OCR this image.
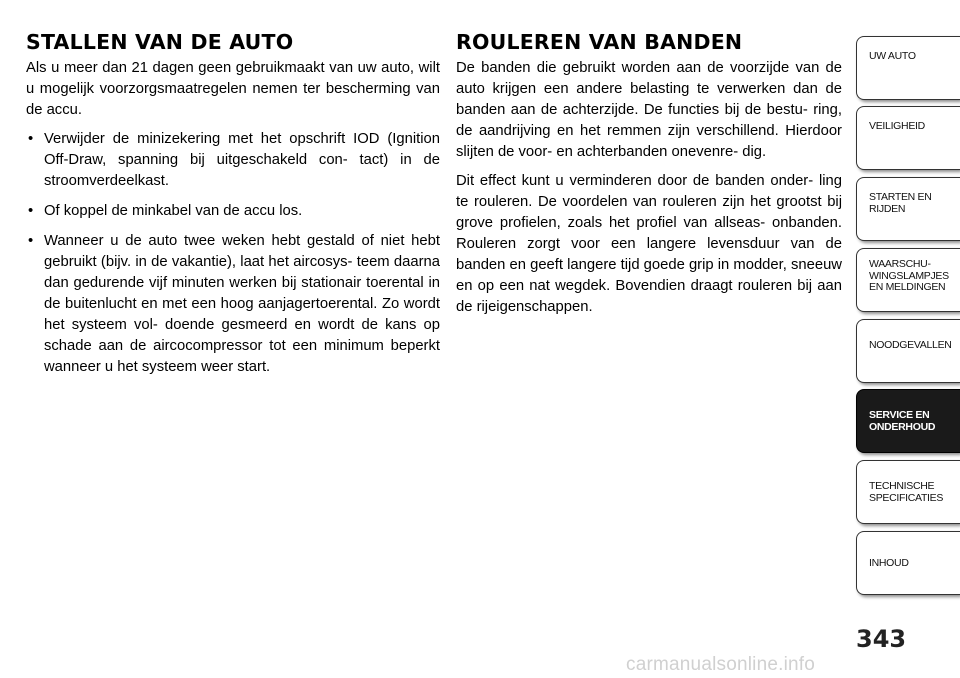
STALLEN VAN DE AUTO

Als u meer dan 21 dagen geen gebruikmaakt van uw auto, wilt u mogelijk voorzorgsmaatregelen nemen ter bescherming van de accu.

• Verwijder de minizekering met het opschrift IOD (Ignition Off-Draw, spanning bij uitgeschakeld con- tact) in de stroomverdeelkast.
• Of koppel de minkabel van de accu los.
• Wanneer u de auto twee weken hebt gestald of niet hebt gebruikt (bijv. in de vakantie), laat het aircosys- teem daarna dan gedurende vijf minuten werken bij stationair toerental in de buitenlucht en met een hoog aanjagertoerental. Zo wordt het systeem vol- doende gesmeerd en wordt de kans op schade aan de aircocompressor tot een minimum beperkt wanneer u het systeem weer start.
ROULEREN VAN BANDEN

De banden die gebruikt worden aan de voorzijde van de auto krijgen een andere belasting te verwerken dan de banden aan de achterzijde. De functies bij de bestu- ring, de aandrijving en het remmen zijn verschillend. Hierdoor slijten de voor- en achterbanden onevenre- dig.

Dit effect kunt u verminderen door de banden onder- ling te rouleren. De voordelen van rouleren zijn het grootst bij grove profielen, zoals het profiel van allseas- onbanden. Rouleren zorgt voor een langere levensduur van de banden en geeft langere tijd goede grip in modder, sneeuw en op een nat wegdek. Bovendien draagt rouleren bij aan de rijeigenschappen.

UW AUTO
VEILIGHEID
STARTEN EN
RIJDEN
WAARSCHU-
WINGSLAMPJES
EN MELDINGEN
NOODGEVALLEN
SERVICE EN
ONDERHOUD
TECHNISCHE
SPECIFICATIES
INHOUD
343
carmanualsonline.info
